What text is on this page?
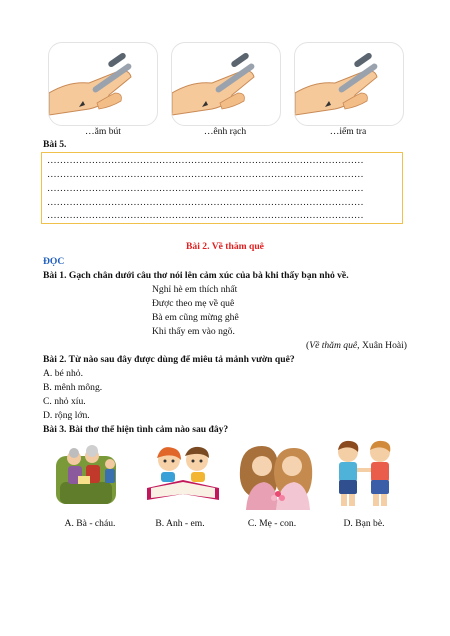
…ăm bút	…ênh rạch	…iểm tra
Bài 5.
………………………………………………………………………………………
………………………………………………………………………………………
………………………………………………………………………………………
………………………………………………………………………………………
………………………………………………………………………………………
Bài 2. Về thăm quê
ĐỌC
Bài 1. Gạch chân dưới câu thơ nói lên cảm xúc của bà khi thấy bạn nhỏ về.
Nghỉ hè em thích nhất
Được theo mẹ về quê
Bà em cũng mừng ghê
Khi thấy em vào ngõ.
(Về thăm quê, Xuân Hoài)
Bài 2. Từ nào sau đây được dùng để miêu tả mảnh vườn quê?
A. bé nhỏ.
B. mênh mông.
C. nhỏ xíu.
D. rộng lớn.
Bài 3. Bài thơ thể hiện tình cảm nào sau đây?
A. Bà - cháu.	B. Anh - em.	C. Mẹ - con.	D. Bạn bè.
